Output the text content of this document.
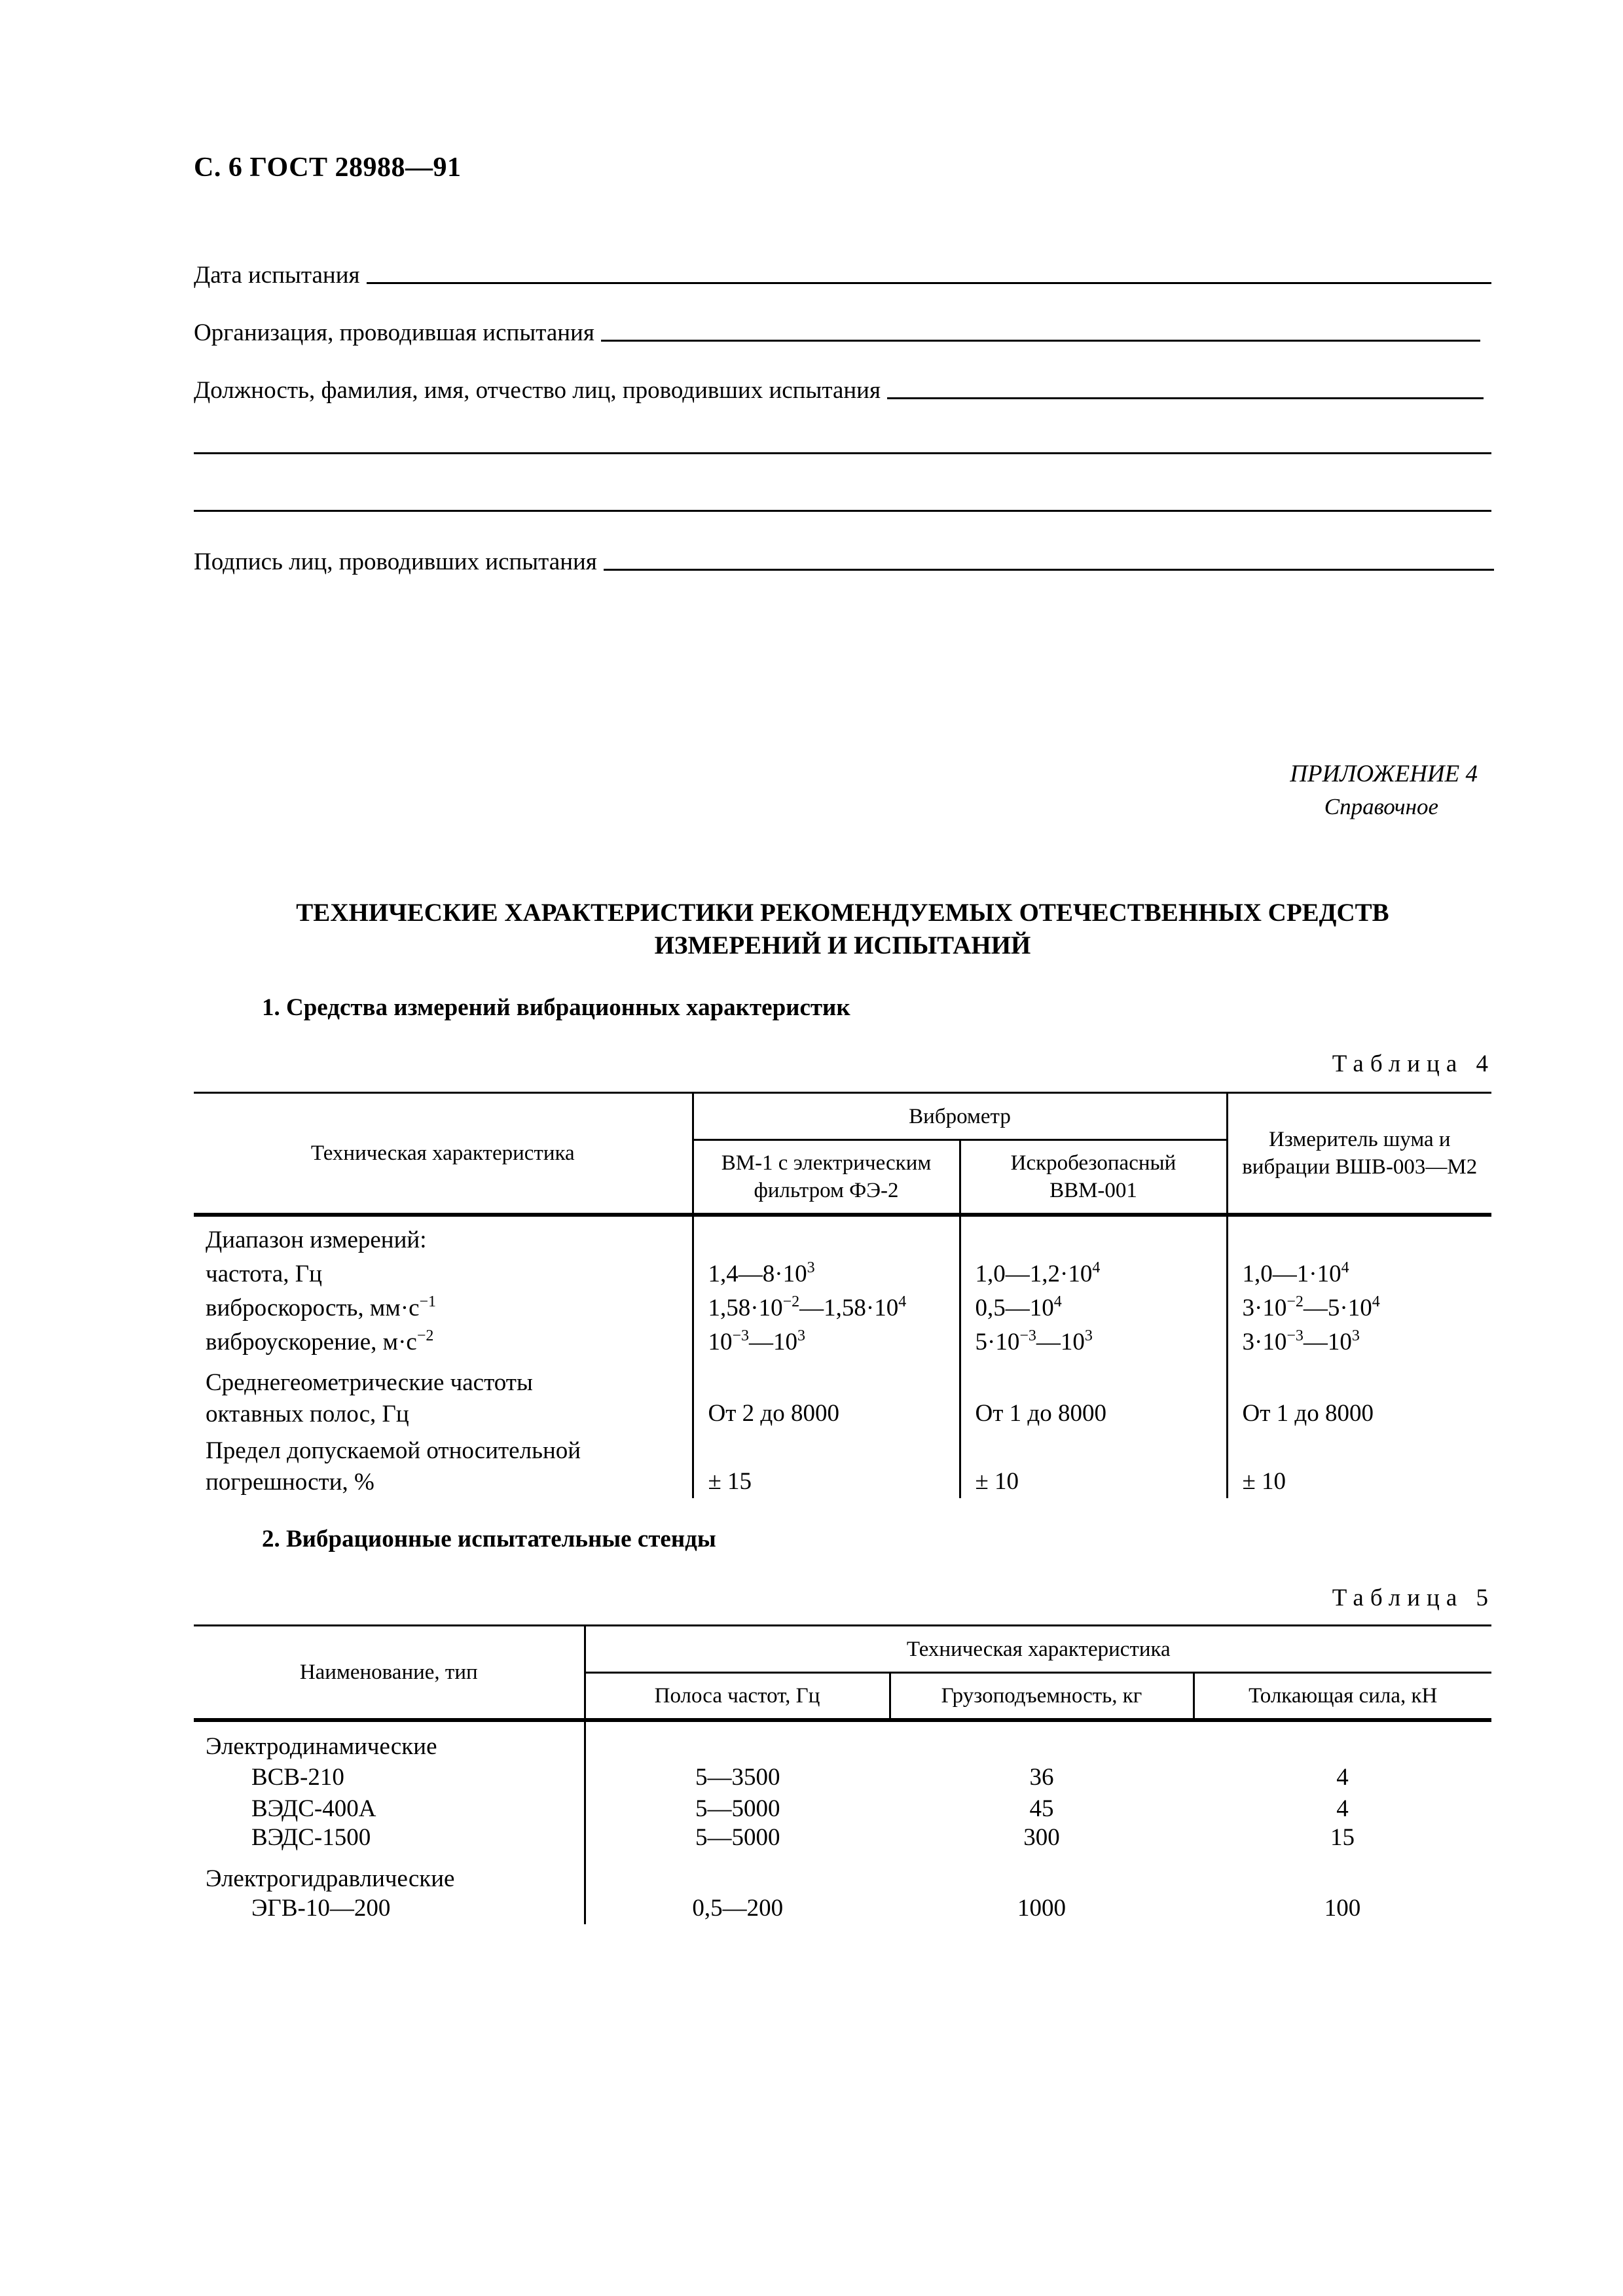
С. 6 ГОСТ 28988—91
Дата испытания
Организация, проводившая испытания
Должность, фамилия, имя, отчество лиц, проводивших испытания
Подпись лиц, проводивших испытания
ПРИЛОЖЕНИЕ 4
Справочное
ТЕХНИЧЕСКИЕ ХАРАКТЕРИСТИКИ РЕКОМЕНДУЕМЫХ ОТЕЧЕСТВЕННЫХ СРЕДСТВ
ИЗМЕРЕНИЙ И ИСПЫТАНИЙ
1. Средства измерений вибрационных характеристик
Таблица 4
Техническая характеристика	Виброметр		Измеритель шума и вибрации ВШВ-003—М2
	ВМ-1 с электрическим фильтром ФЭ-2	Искробезопасный ВВМ-001	
Диапазон измерений:			
частота, Гц	$1,4—8\cdot 10^3$	$1,0—1,2\cdot 10^4$	$1,0—1\cdot 10^4$
виброскорость, $мм\cdot с^{-1}$	$1,58\cdot 10^{-2}—1,58\cdot 10^4$	$0,5—10^4$	$3\cdot 10^{-2}—5\cdot 10^4$
виброускорение, $м\cdot с^{-2}$	$10^{-3}—10^3$	$5\cdot 10^{-3}—10^3$	$3\cdot 10^{-3}—10^3$

Среднегеометрические частоты
октавных полос, Гц	От 2 до 8000	От 1 до 8000	От 1 до 8000

Предел допускаемой относительной
погрешности, %	± 15	± 10	± 10
2. Вибрационные испытательные стенды
Таблица 5
Наименование, тип	Техническая характеристика		
	Полоса частот, Гц	Грузоподъемность, кг	Толкающая сила, кН
Электродинамические			
ВСВ-210	5—3500	36	4
ВЭДС-400А	5—5000	45	4
ВЭДС-1500	5—5000	300	15
Электрогидравлические			
ЭГВ-10—200	0,5—200	1000	100
